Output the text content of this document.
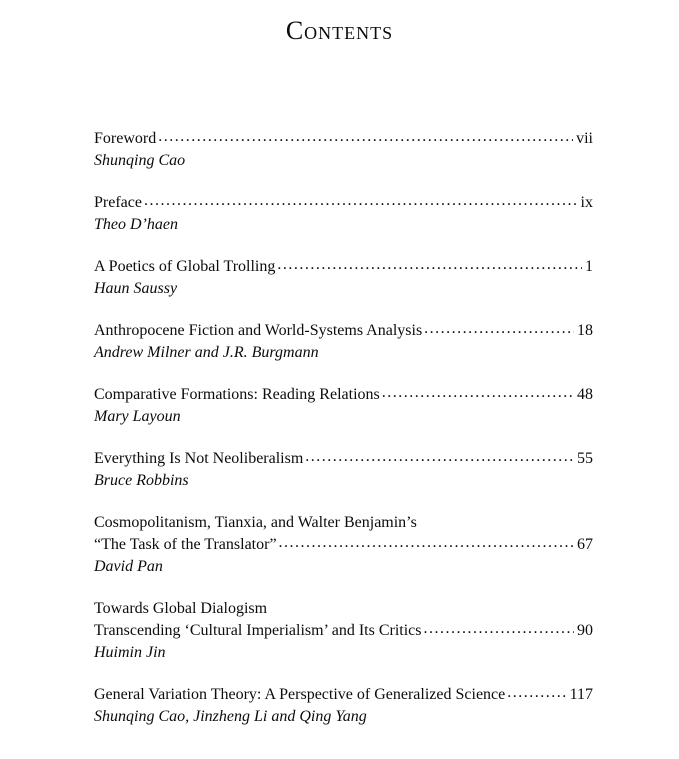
Contents
Foreword .....	vii
Shunqing Cao
Preface .....	ix
Theo D’haen
A Poetics of Global Trolling .....	1
Haun Saussy
Anthropocene Fiction and World-Systems Analysis .....	18
Andrew Milner and J.R. Burgmann
Comparative Formations: Reading Relations .....	48
Mary Layoun
Everything Is Not Neoliberalism .....	55
Bruce Robbins
Cosmopolitanism, Tianxia, and Walter Benjamin’s
“The Task of the Translator” .....	67
David Pan
Towards Global Dialogism
Transcending ‘Cultural Imperialism’ and Its Critics .....	90
Huimin Jin
General Variation Theory: A Perspective of Generalized Science .....	117
Shunqing Cao, Jinzheng Li and Qing Yang
